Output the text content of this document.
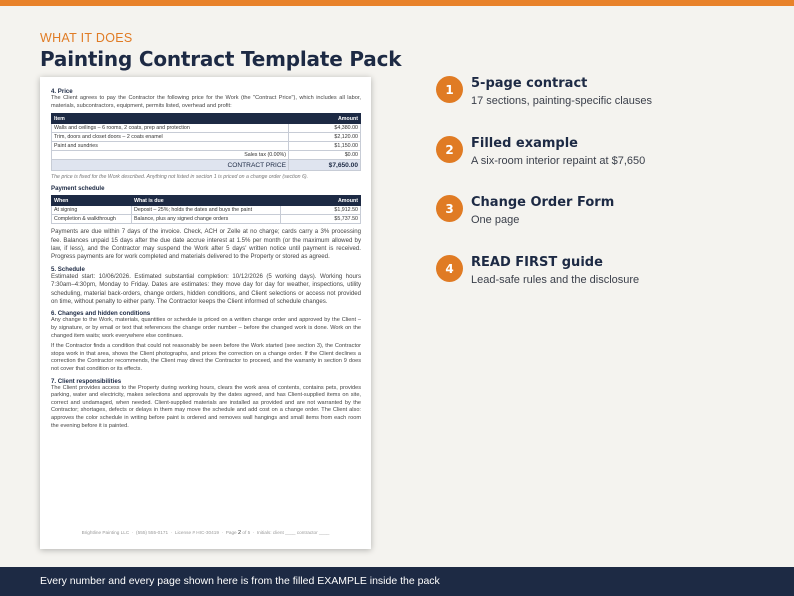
WHAT IT DOES
Painting Contract Template Pack
4. Price

The Client agrees to pay the Contractor the following price for the Work (the "Contract Price"), which includes all labor, materials, subcontractors, equipment, permits listed, overhead and profit:

Item	Amount
Walls and ceilings – 6 rooms, 2 coats, prep and protection	$4,380.00
Trim, doors and closet doors – 2 coats enamel	$2,120.00
Paint and sundries	$1,150.00
Sales tax (0.00%)	$0.00
CONTRACT PRICE	$7,650.00
The price is fixed for the Work described. Anything not listed in section 1 is priced on a change order (section 6).
Payment schedule
When	What is due	Amount
At signing	Deposit – 25%; holds the dates and buys the paint	$1,912.50
Completion & walkthrough	Balance, plus any signed change orders	$5,737.50

Payments are due within 7 days of the invoice. Check, ACH or Zelle at no charge; cards carry a 3% processing fee. Balances unpaid 15 days after the due date accrue interest at 1.5% per month (or the maximum allowed by law, if less), and the Contractor may suspend the Work after 5 days' written notice until payment is received. Progress payments are for work completed and materials delivered to the Property or stored as agreed.

5. Schedule

Estimated start: 10/06/2026. Estimated substantial completion: 10/12/2026 (5 working days). Working hours 7:30am–4:30pm, Monday to Friday. Dates are estimates: they move day for day for weather, inspections, utility scheduling, material back-orders, change orders, hidden conditions, and Client selections or access not provided on time, without penalty to either party. The Contractor keeps the Client informed of schedule changes.

6. Changes and hidden conditions

Any change to the Work, materials, quantities or schedule is priced on a written change order and approved by the Client – by signature, or by email or text that references the change order number – before the changed work is done. Work on the changed item waits; work everywhere else continues.

If the Contractor finds a condition that could not reasonably be seen before the Work started (see section 3), the Contractor stops work in that area, shows the Client photographs, and prices the correction on a change order. If the Client declines a correction the Contractor recommends, the Client may direct the Contractor to proceed, and the warranty in section 9 does not cover that condition or its effects.

7. Client responsibilities

The Client provides access to the Property during working hours, clears the work area of contents, contains pets, provides parking, water and electricity, makes selections and approvals by the dates agreed, and has Client-supplied items on site, correct and undamaged, when needed. Client-supplied materials are installed as provided and are not warranted by the Contractor; shortages, defects or delays in them may move the schedule and add cost on a change order. The Client also: approves the color schedule in writing before paint is ordered and removes wall hangings and small items from each room the evening before it is painted.

Brightline Painting LLC  ·  (555) 555-0171  ·  License # HIC-30419  ·  Page 2 of 5  ·  Initials: client ____ contractor ____
1	5-page contract
17 sections, painting-specific clauses
2	Filled example
A six-room interior repaint at $7,650
3	Change Order Form
One page
4	READ FIRST guide
Lead-safe rules and the disclosure
Every number and every page shown here is from the filled EXAMPLE inside the pack
